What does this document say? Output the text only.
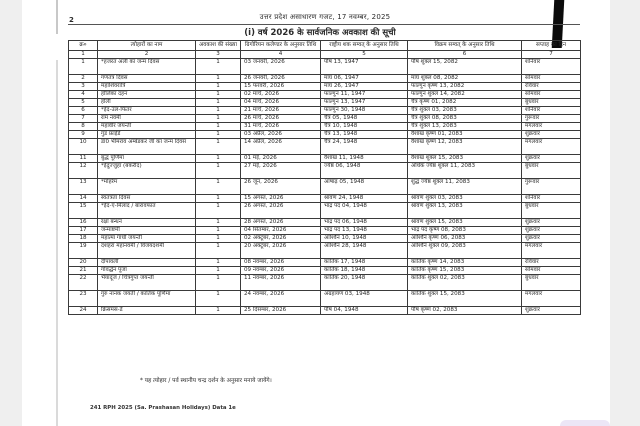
2	उत्तर प्रदेश असाधारण गजट, 17 नवम्बर, 2025
(i) वर्ष 2026 के सार्वजनिक अवकाश की सूची
क्र०	त्योहारों का नाम	अवकाश की संख्या	ग्रिगोरियन कलेण्डर के अनुसार तिथि	राष्ट्रीय शक सम्वत् के अनुसार तिथि	विक्रम सम्वत् के अनुसार तिथि	सप्ताह का दिन
1	2	3	4	5	6	7
1	*हजरत अली का जन्म दिवस	1	03 जनवरी, 2026	पौष 13, 1947	पौष शुक्ल 15, 2082	शनिवार
2	गणतंत्र दिवस	1	26 जनवरी, 2026	माघ 06, 1947	माघ शुक्ल 08, 2082	सोमवार
3	महाशिवरात्रि	1	15 फरवरी, 2026	माघ 26, 1947	फाल्गुन कृष्ण 13, 2082	रविवार
4	होलिका दहन	1	02 मार्च, 2026	फाल्गुन 11, 1947	फाल्गुन शुक्ल 14, 2082	सोमवार
5	होली	1	04 मार्च, 2026	फाल्गुन 13, 1947	चैत्र कृष्ण 01, 2082	बुधवार
6	*ईद-उल-फितर	1	21 मार्च, 2026	फाल्गुन 30, 1948	चैत्र शुक्ल 03, 2083	शनिवार
7	राम नवमी	1	26 मार्च, 2026	चैत्र 05, 1948	चैत्र शुक्ल 08, 2083	गुरूवार
8	महावीर जयन्ती	1	31 मार्च, 2026	चैत्र 10, 1948	चैत्र शुक्ल 13, 2083	मंगलवार
9	गुड फ्राईडे	1	03 अप्रैल, 2026	चैत्र 13, 1948	वैशाख कृष्ण 01, 2083	शुक्रवार
10	डा0 भीमराव अम्बेडकर जी का जन्म दिवस	1	14 अप्रैल, 2026	चैत्र 24, 1948	वैशाख कृष्ण 12, 2083	मंगलवार
11	बुद्ध पूर्णिमा	1	01 मई, 2026	वैशाख 11, 1948	वैशाख शुक्ल 15, 2083	शुक्रवार
12	*ईदुज्जुहा (बकरीद)	1	27 मई, 2026	ज्येष्ठ 06, 1948	अधिक ज्येष्ठ शुक्ल 11, 2083	बुधवार
13	*मोहर्रम	1	26 जून, 2026	आषाढ़ 05, 1948	शुद्ध ज्येष्ठ शुक्ल 11, 2083	गुरूवार
14	स्वतंत्रता दिवस	1	15 अगस्त, 2026	श्रावण 24, 1948	श्रावण शुक्ल 03, 2083	शनिवार
15	*ईद-ए-मिलाद / बारावफात	1	26 अगस्त, 2026	भाद्र पद 04, 1948	श्रावण शुक्ल 13, 2083	बुधवार
16	रक्षा बन्धन	1	28 अगस्त, 2026	भाद्र पद 06, 1948	श्रावण शुक्ल 15, 2083	शुक्रवार
17	जन्माष्टमी	1	04 सितम्बर, 2026	भाद्र पद 13, 1948	भाद्र पद कृष्ण 08, 2083	शुक्रवार
18	महात्मा गांधी जयन्ती	1	02 अक्टूबर, 2026	आश्विन 10, 1948	आश्विन कृष्ण 06, 2083	शुक्रवार
19	दशहरा महानवमी / विजयदशमी	1	20 अक्टूबर, 2026	आश्विन 28, 1948	आश्विन शुक्ल 09, 2083	मंगलवार
20	दीपावली	1	08 नवम्बर, 2026	कार्तिक 17, 1948	कार्तिक कृष्ण 14, 2083	रविवार
21	गोवर्द्धन पूजा	1	09 नवम्बर, 2026	कार्तिक 18, 1948	कार्तिक कृष्ण 15, 2083	सोमवार
22	भैयादूज / चित्रगुप्त जयन्ती	1	11 नवम्बर, 2026	कार्तिक 20, 1948	कार्तिक शुक्ल 02, 2083	बुधवार
23	गुरु नानक जयंती / कार्तिक पूर्णिमा	1	24 नवम्बर, 2026	अग्रहायण 03, 1948	कार्तिक शुक्ल 15, 2083	मंगलवार
24	क्रिसमस-डे	1	25 दिसम्बर, 2026	पौष 04, 1948	पौष कृष्ण 02, 2083	शुक्रवार
* यह त्योहार / पर्व स्थानीय चन्द्र दर्शन के अनुसार मनाये जायेंगे।
241 RPH 2025 (Sa. Prashasan Holidays) Data 1e
